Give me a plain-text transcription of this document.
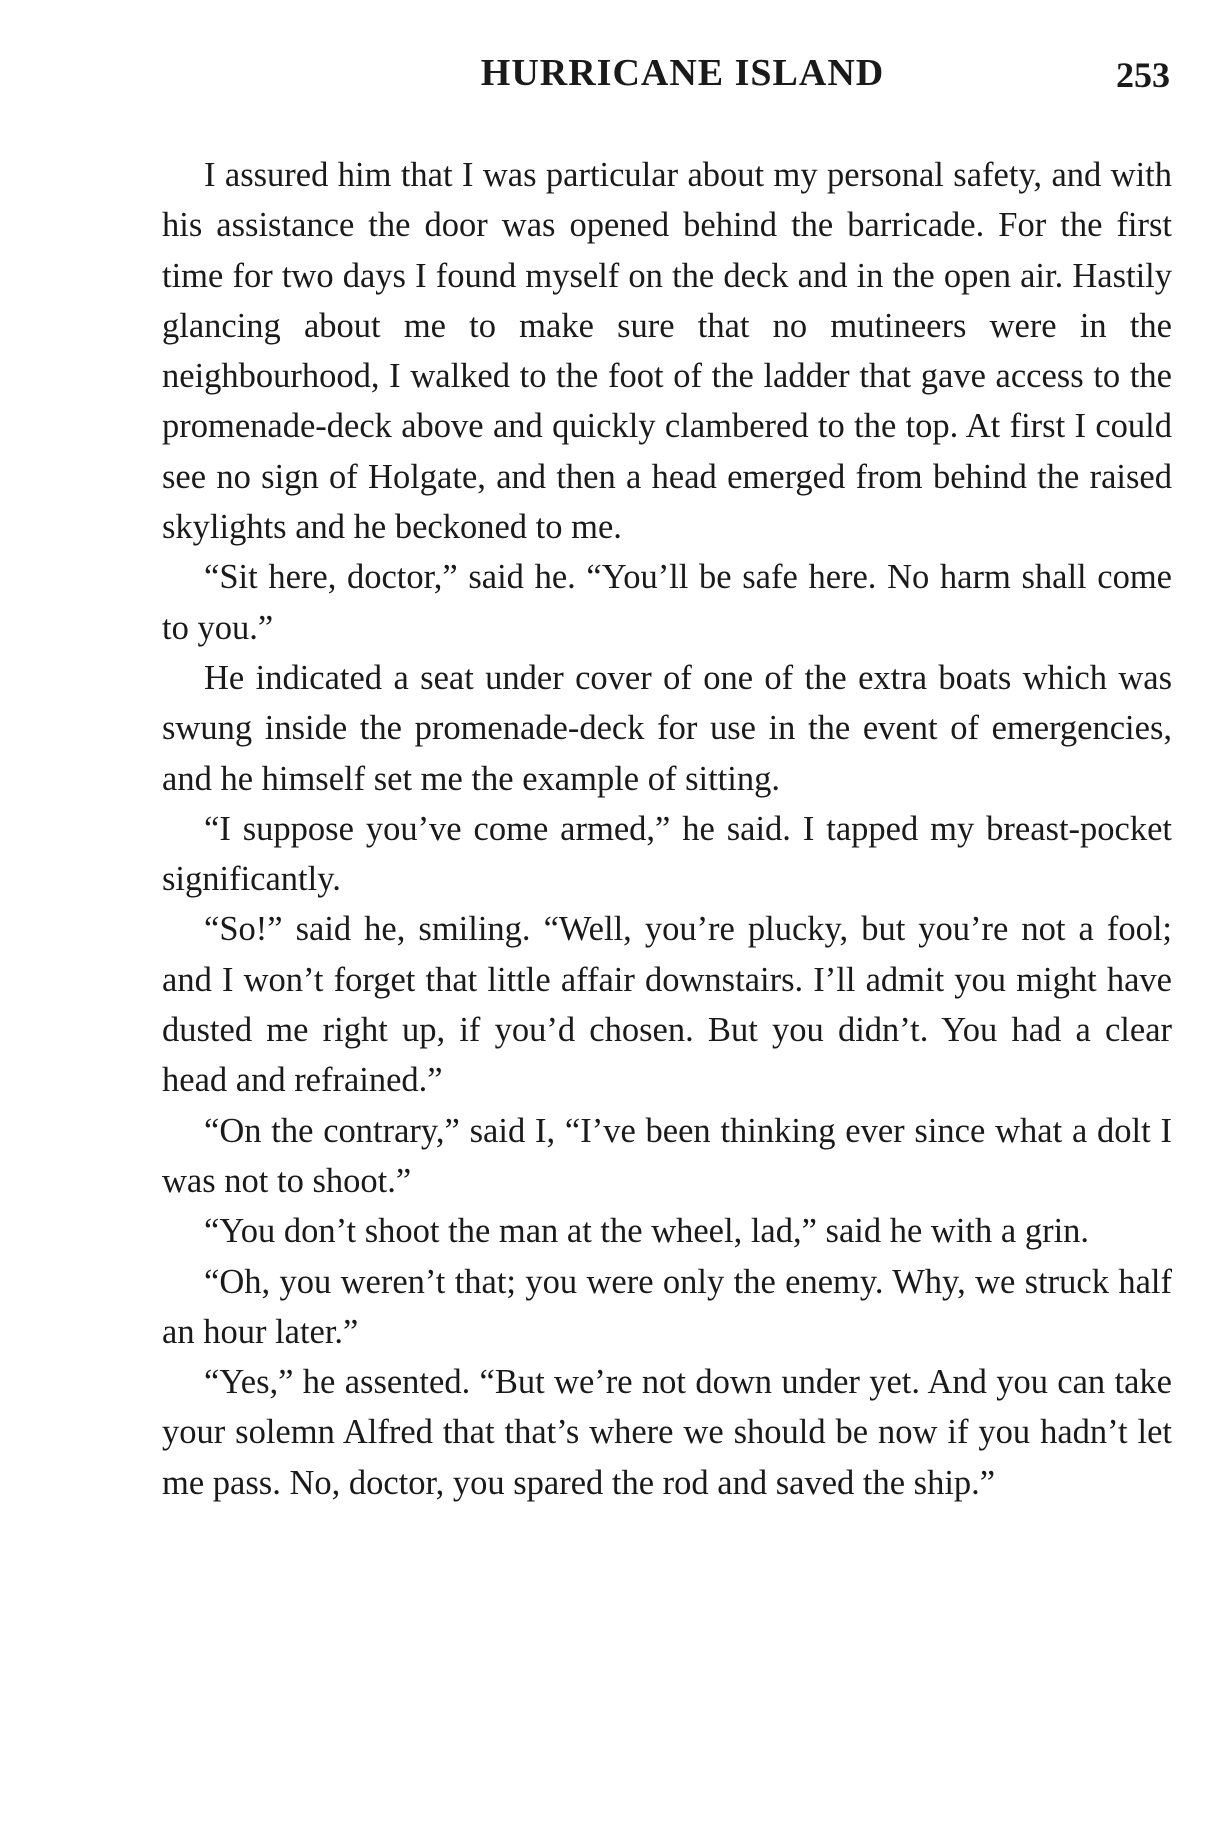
HURRICANE ISLAND	253

I assured him that I was particular about my personal safety, and with his assistance the door was opened behind the barricade. For the first time for two days I found myself on the deck and in the open air. Hastily glancing about me to make sure that no mutineers were in the neighbourhood, I walked to the foot of the ladder that gave access to the promenade-deck above and quickly clambered to the top. At first I could see no sign of Holgate, and then a head emerged from behind the raised skylights and he beckoned to me.

“Sit here, doctor,” said he. “You’ll be safe here. No harm shall come to you.”

He indicated a seat under cover of one of the extra boats which was swung inside the promenade-deck for use in the event of emergencies, and he himself set me the example of sitting.

“I suppose you’ve come armed,” he said. I tapped my breast-pocket significantly.

“So!” said he, smiling. “Well, you’re plucky, but you’re not a fool; and I won’t forget that little affair downstairs. I’ll admit you might have dusted me right up, if you’d chosen. But you didn’t. You had a clear head and refrained.”

“On the contrary,” said I, “I’ve been thinking ever since what a dolt I was not to shoot.”

“You don’t shoot the man at the wheel, lad,” said he with a grin.

“Oh, you weren’t that; you were only the enemy. Why, we struck half an hour later.”

“Yes,” he assented. “But we’re not down under yet. And you can take your solemn Alfred that that’s where we should be now if you hadn’t let me pass. No, doctor, you spared the rod and saved the ship.”
